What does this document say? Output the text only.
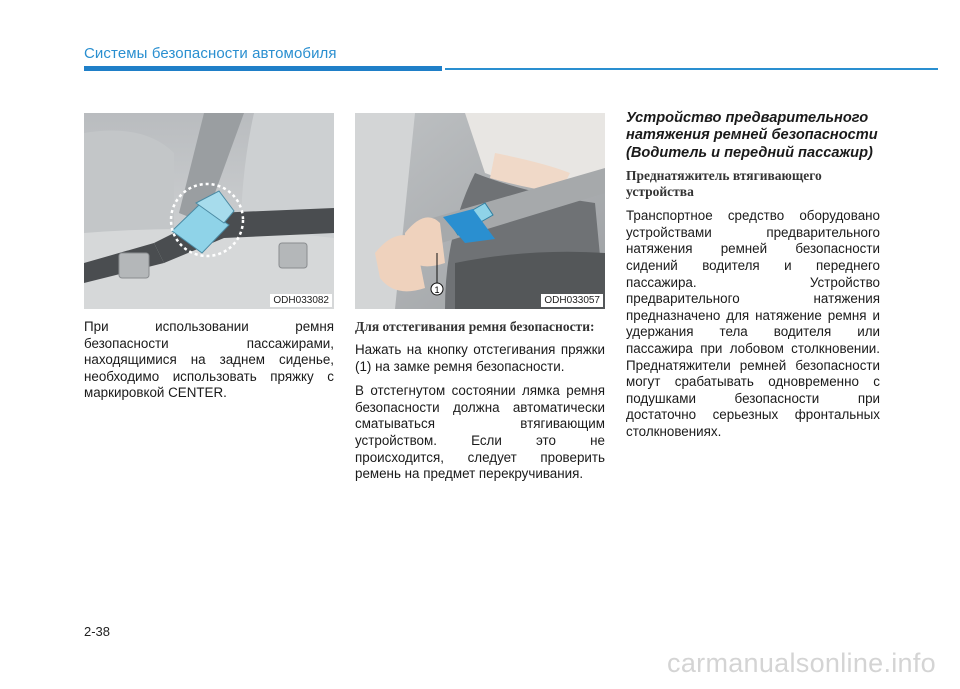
Системы безопасности автомобиля
ODH033082

При использовании ремня безопасности пассажирами, находящимися на заднем сиденье, необходимо использовать пряжку с маркировкой CENTER.

1
ODH033057
Для отстегивания ремня безопасности:

Нажать на кнопку отстегивания пряжки (1) на замке ремня безопасности.

В отстегнутом состоянии лямка ремня безопасности должна автоматически сматываться втягивающим устройством. Если это не происходится, следует проверить ремень на предмет перекручивания.

Устройство предварительного натяжения ремней безопасности (Водитель и передний пассажир)
Преднатяжитель втягивающего устройства

Транспортное средство оборудовано устройствами предварительного натяжения ремней безопасности сидений водителя и переднего пассажира. Устройство предварительного натяжения предназначено для натяжение ремня и удержания тела водителя или пассажира при лобовом столкновении. Преднатяжители ремней безопасности могут срабатывать одновременно с подушками безопасности при достаточно серьезных фронтальных столкновениях.

2-38
carmanualsonline.info
